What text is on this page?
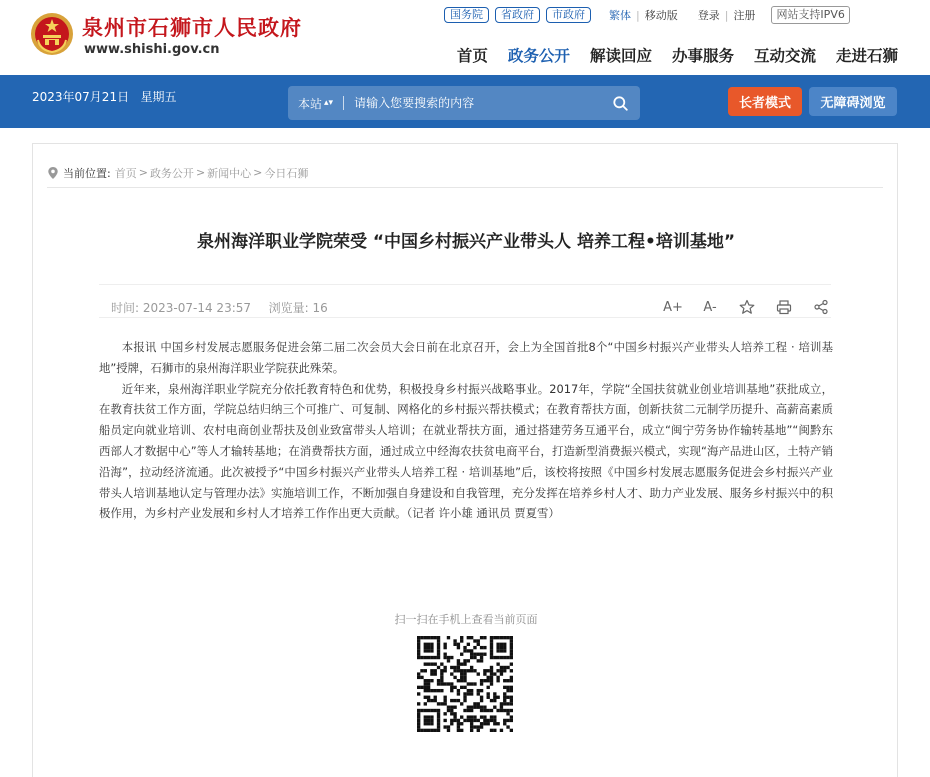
泉州市石狮市人民政府
www.shishi.gov.cn
国务院	省政府	市政府	繁体 | 移动版 登录 | 注册	网站支持IPV6
首页 政务公开 解读回应 办事服务 互动交流 走进石狮
2023年07月21日 星期五	本站 ▴▾
请输入您要搜索的内容	长者模式	无障碍浏览
当前位置: 首页 > 政务公开 > 新闻中心 > 今日石狮
泉州海洋职业学院荣受 “中国乡村振兴产业带头人 培养工程•培训基地”
时间: 2023-07-14 23:57 浏览量: 16	A+ A-

本报讯 中国乡村发展志愿服务促进会第二届二次会员大会日前在北京召开，会上为全国首批8个“中国乡村振兴产业带头人培养工程 · 培训基地”授牌，石狮市的泉州海洋职业学院获此殊荣。

近年来，泉州海洋职业学院充分依托教育特色和优势，积极投身乡村振兴战略事业。2017年，学院“全国扶贫就业创业培训基地”获批成立，在教育扶贫工作方面，学院总结归纳三个可推广、可复制、网格化的乡村振兴帮扶模式；在教育帮扶方面，创新扶贫二元制学历提升、高薪高素质船员定向就业培训、农村电商创业帮扶及创业致富带头人培训；在就业帮扶方面，通过搭建劳务互通平台，成立“闽宁劳务协作输转基地”“闽黔东西部人才数据中心”等人才输转基地；在消费帮扶方面，通过成立中经海农扶贫电商平台，打造新型消费振兴模式，实现“海产品进山区，土特产销沿海”，拉动经济流通。此次被授予“中国乡村振兴产业带头人培养工程 · 培训基地”后，该校将按照《中国乡村发展志愿服务促进会乡村振兴产业带头人培训基地认定与管理办法》实施培训工作，不断加强自身建设和自我管理，充分发挥在培养乡村人才、助力产业发展、服务乡村振兴中的积极作用，为乡村产业发展和乡村人才培养工作作出更大贡献。（记者 许小雄 通讯员 贾夏雪）

扫一扫在手机上查看当前页面
